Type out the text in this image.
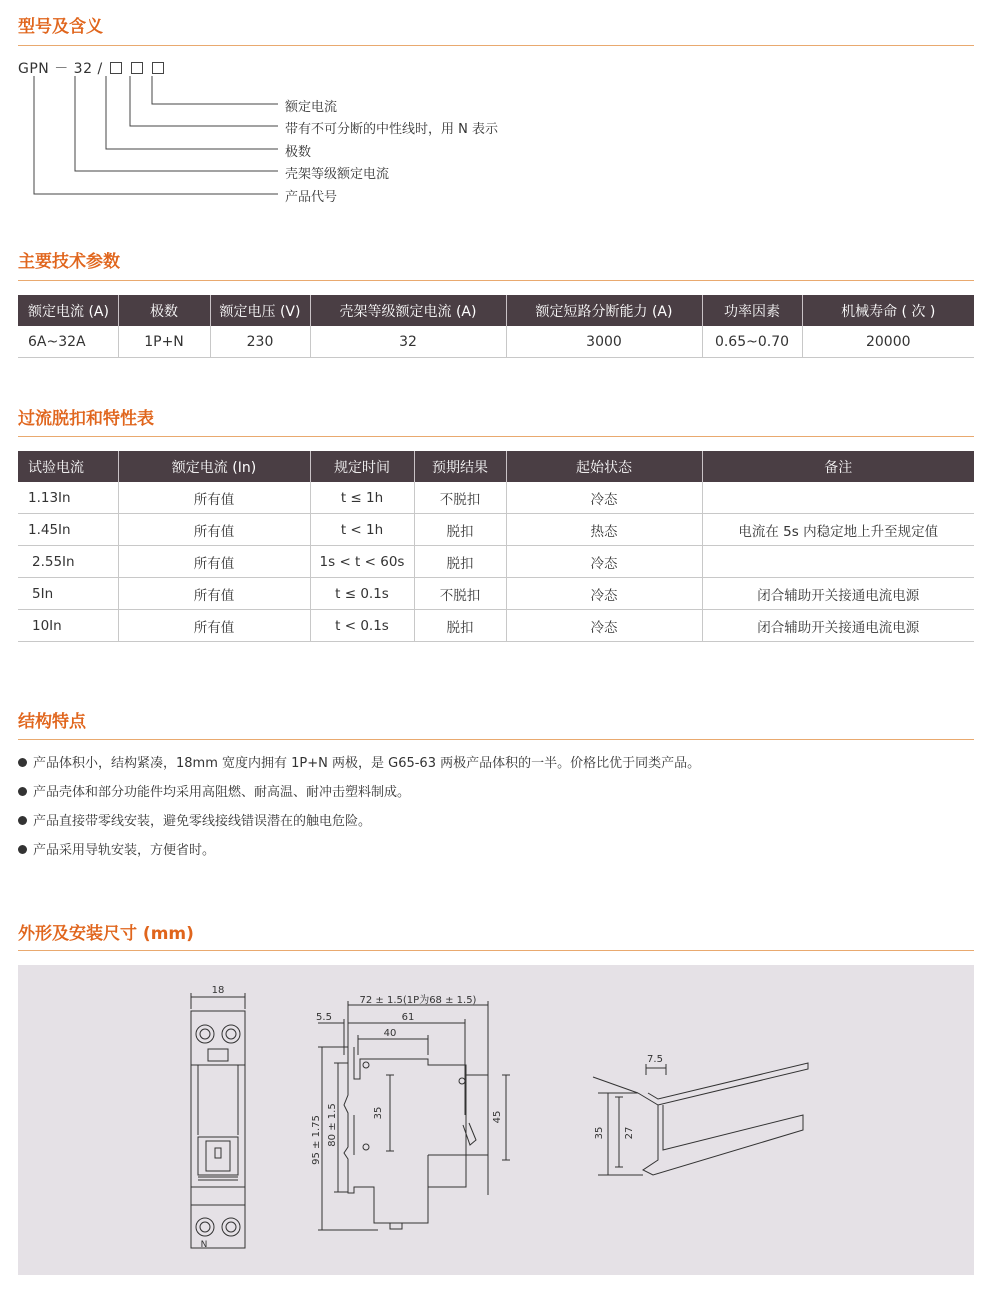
型号及含义
GPN － 32 /
额定电流
带有不可分断的中性线时，用 N 表示
极数
壳架等级额定电流
产品代号
主要技术参数
额定电流 (A)	极数	额定电压 (V)	壳架等级额定电流 (A)	额定短路分断能力 (A)	功率因素	机械寿命 ( 次 )
6A~32A	1P+N	230	32	3000	0.65~0.70	20000
过流脱扣和特性表
试验电流	额定电流 (In)	规定时间	预期结果	起始状态	备注
1.13In	所有值	t ≤ 1h	不脱扣	冷态	
1.45In	所有值	t < 1h	脱扣	热态	电流在 5s 内稳定地上升至规定值
2.55In	所有值	1s < t < 60s	脱扣	冷态	
5In	所有值	t ≤ 0.1s	不脱扣	冷态	闭合辅助开关接通电流电源
10In	所有值	t < 0.1s	脱扣	冷态	闭合辅助开关接通电流电源
结构特点
产品体积小，结构紧凑，18mm 宽度内拥有 1P+N 两极，是 G65-63 两极产品体积的一半。价格比优于同类产品。
产品壳体和部分功能件均采用高阻燃、耐高温、耐冲击塑料制成。
产品直接带零线安装，避免零线接线错误潜在的触电危险。
产品采用导轨安装，方便省时。
外形及安装尺寸 (mm)
18
N
72 ± 1.5(1P为68 ± 1.5)
61
5.5
40
35	45
80 ± 1.5
95 ± 1.75
7.5
35 27
